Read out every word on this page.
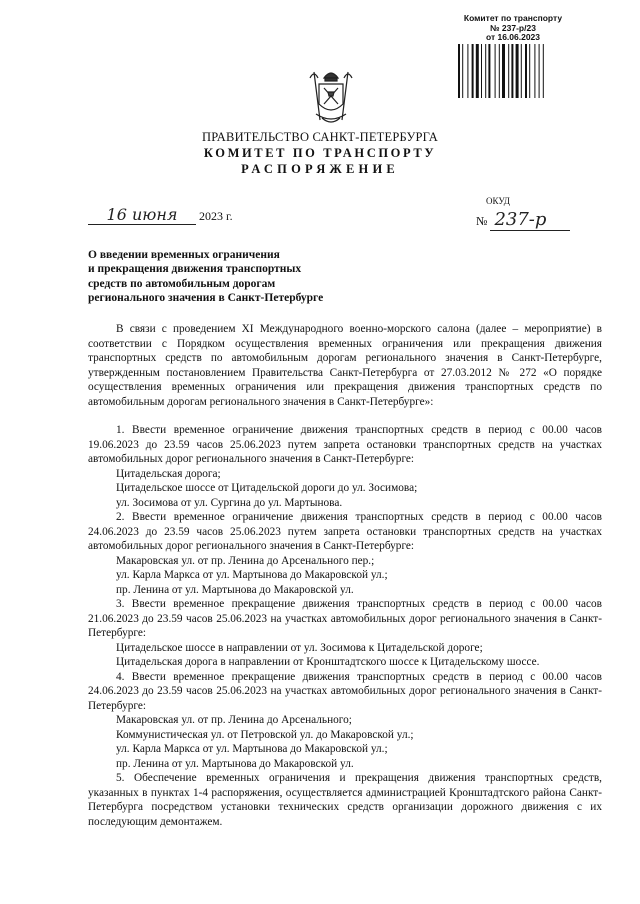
Комитет по транспорту
№ 237-р/23
от 16.06.2023
ПРАВИТЕЛЬСТВО САНКТ-ПЕТЕРБУРГА
КОМИТЕТ ПО ТРАНСПОРТУ
РАСПОРЯЖЕНИЕ
ОКУД
16 июня 2023 г.	№ 237-р
О введении временных ограничения
и прекращения движения транспортных
средств по автомобильным дорогам
регионального значения в Санкт-Петербурге

В связи с проведением XI Международного военно-морского салона (далее – мероприятие) в соответствии с Порядком осуществления временных ограничения или прекращения движения транспортных средств по автомобильным дорогам регионального значения в Санкт-Петербурге, утвержденным постановлением Правительства Санкт-Петербурга от 27.03.2012 № 272 «О порядке осуществления временных ограничения или прекращения движения транспортных средств по автомобильным дорогам регионального значения в Санкт-Петербурге»:

1. Ввести временное ограничение движения транспортных средств в период с 00.00 часов 19.06.2023 до 23.59 часов 25.06.2023 путем запрета остановки транспортных средств на участках автомобильных дорог регионального значения в Санкт-Петербурге:

Цитадельская дорога;

Цитадельское шоссе от Цитадельской дороги до ул. Зосимова;

ул. Зосимова от ул. Сургина до ул. Мартынова.

2. Ввести временное ограничение движения транспортных средств в период с 00.00 часов 24.06.2023 до 23.59 часов 25.06.2023 путем запрета остановки транспортных средств на участках автомобильных дорог регионального значения в Санкт-Петербурге:

Макаровская ул. от пр. Ленина до Арсенального пер.;

ул. Карла Маркса от ул. Мартынова до Макаровской ул.;

пр. Ленина от ул. Мартынова до Макаровской ул.

3. Ввести временное прекращение движения транспортных средств в период с 00.00 часов 21.06.2023 до 23.59 часов 25.06.2023 на участках автомобильных дорог регионального значения в Санкт-Петербурге:

Цитадельское шоссе в направлении от ул. Зосимова к Цитадельской дороге;

Цитадельская дорога в направлении от Кронштадтского шоссе к Цитадельскому шоссе.

4. Ввести временное прекращение движения транспортных средств в период с 00.00 часов 24.06.2023 до 23.59 часов 25.06.2023 на участках автомобильных дорог регионального значения в Санкт-Петербурге:

Макаровская ул. от пр. Ленина до Арсенального;

Коммунистическая ул. от Петровской ул. до Макаровской ул.;

ул. Карла Маркса от ул. Мартынова до Макаровской ул.;

пр. Ленина от ул. Мартынова до Макаровской ул.

5. Обеспечение временных ограничения и прекращения движения транспортных средств, указанных в пунктах 1-4 распоряжения, осуществляется администрацией Кронштадтского района Санкт-Петербурга посредством установки технических средств организации дорожного движения с их последующим демонтажем.
